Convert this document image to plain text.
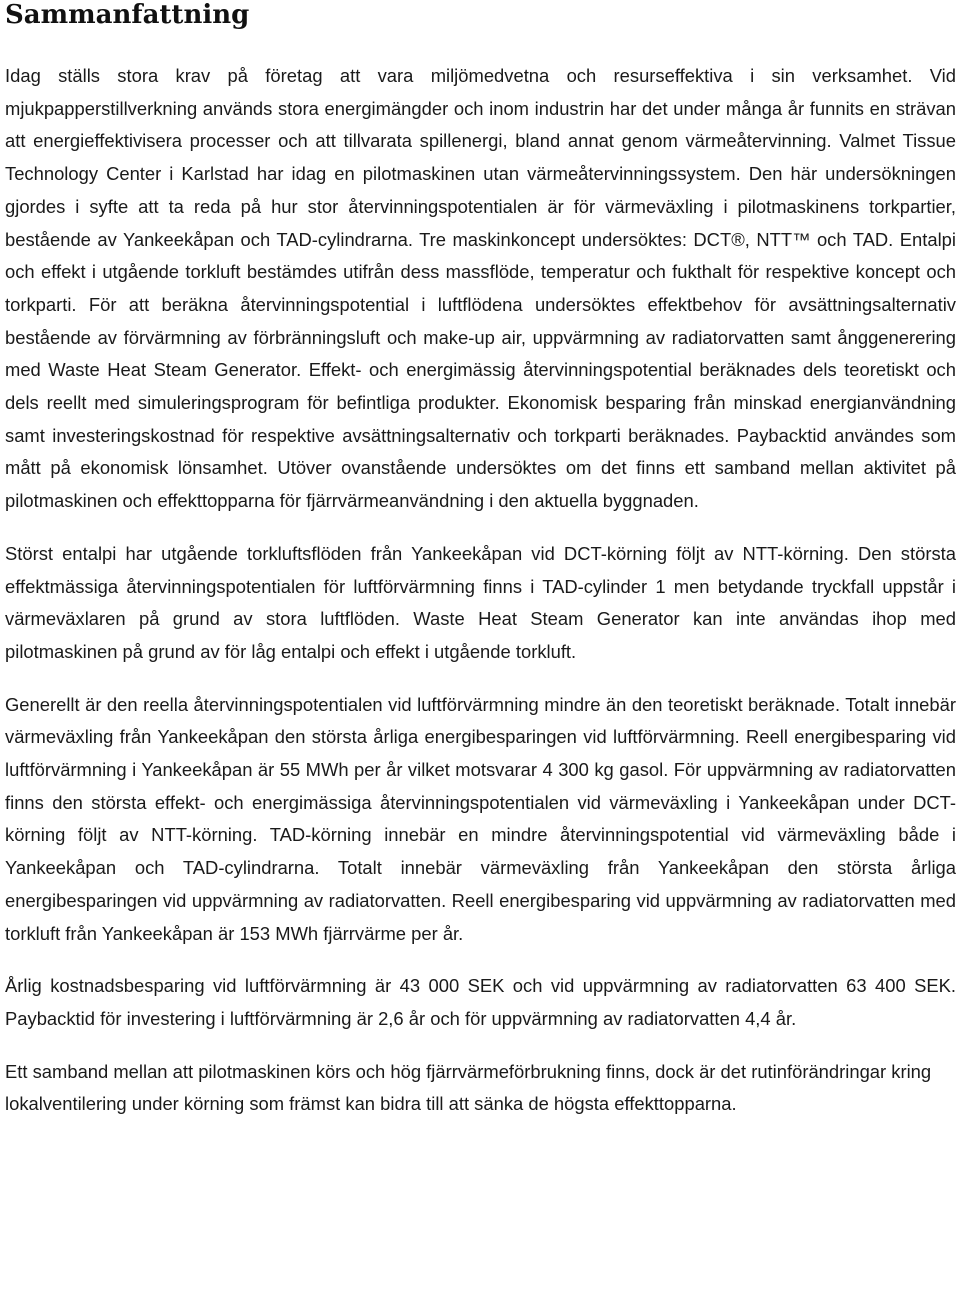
Sammanfattning

Idag ställs stora krav på företag att vara miljömedvetna och resurseffektiva i sin verksamhet. Vid mjukpapperstillverkning används stora energimängder och inom industrin har det under många år funnits en strävan att energieffektivisera processer och att tillvarata spillenergi, bland annat genom värmeåtervinning. Valmet Tissue Technology Center i Karlstad har idag en pilotmaskinen utan värmeåtervinningssystem. Den här undersökningen gjordes i syfte att ta reda på hur stor återvinningspotentialen är för värmeväxling i pilotmaskinens torkpartier, bestående av Yankeekåpan och TAD-cylindrarna. Tre maskinkoncept undersöktes: DCT®, NTT™ och TAD. Entalpi och effekt i utgående torkluft bestämdes utifrån dess massflöde, temperatur och fukthalt för respektive koncept och torkparti. För att beräkna återvinningspotential i luftflödena undersöktes effektbehov för avsättningsalternativ bestående av förvärmning av förbränningsluft och make-up air, uppvärmning av radiatorvatten samt ånggenerering med Waste Heat Steam Generator. Effekt- och energimässig återvinningspotential beräknades dels teoretiskt och dels reellt med simuleringsprogram för befintliga produkter. Ekonomisk besparing från minskad energianvändning samt investeringskostnad för respektive avsättningsalternativ och torkparti beräknades. Paybacktid användes som mått på ekonomisk lönsamhet. Utöver ovanstående undersöktes om det finns ett samband mellan aktivitet på pilotmaskinen och effekttopparna för fjärrvärmeanvändning i den aktuella byggnaden.

Störst entalpi har utgående torkluftsflöden från Yankeekåpan vid DCT-körning följt av NTT-körning. Den största effektmässiga återvinningspotentialen för luftförvärmning finns i TAD-cylinder 1 men betydande tryckfall uppstår i värmeväxlaren på grund av stora luftflöden. Waste Heat Steam Generator kan inte användas ihop med pilotmaskinen på grund av för låg entalpi och effekt i utgående torkluft.

Generellt är den reella återvinningspotentialen vid luftförvärmning mindre än den teoretiskt beräknade. Totalt innebär värmeväxling från Yankeekåpan den största årliga energibesparingen vid luftförvärmning. Reell energibesparing vid luftförvärmning i Yankeekåpan är 55 MWh per år vilket motsvarar 4 300 kg gasol. För uppvärmning av radiatorvatten finns den största effekt- och energimässiga återvinningspotentialen vid värmeväxling i Yankeekåpan under DCT-körning följt av NTT-körning. TAD-körning innebär en mindre återvinningspotential vid värmeväxling både i Yankeekåpan och TAD-cylindrarna. Totalt innebär värmeväxling från Yankeekåpan den största årliga energibesparingen vid uppvärmning av radiatorvatten. Reell energibesparing vid uppvärmning av radiatorvatten med torkluft från Yankeekåpan är 153 MWh fjärrvärme per år.

Årlig kostnadsbesparing vid luftförvärmning är 43 000 SEK och vid uppvärmning av radiatorvatten 63 400 SEK. Paybacktid för investering i luftförvärmning är 2,6 år och för uppvärmning av radiatorvatten 4,4 år.

Ett samband mellan att pilotmaskinen körs och hög fjärrvärmeförbrukning finns, dock är det rutinförändringar kring lokalventilering under körning som främst kan bidra till att sänka de högsta effekttopparna.
